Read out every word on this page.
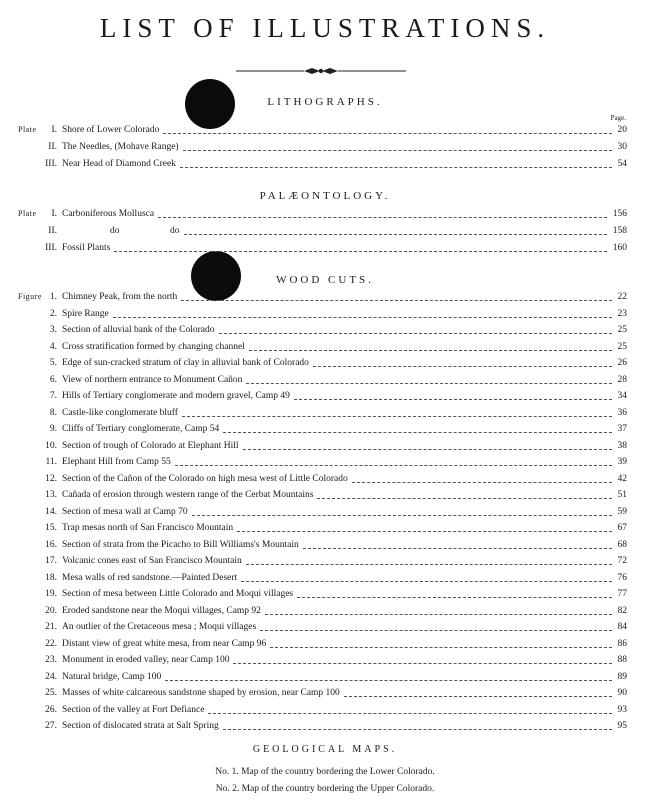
LIST OF ILLUSTRATIONS.
LITHOGRAPHS.
Page.
Plate I. Shore of Lower Colorado	20
II. The Needles, (Mohave Range)	30
III. Near Head of Diamond Creek	54
PALÆONTOLOGY.
Plate I. Carboniferous Mollusca	156
II.	do	do	158
III. Fossil Plants	160
WOOD CUTS.
Figure 1. Chimney Peak, from the north	22
2. Spire Range	23
3. Section of alluvial bank of the Colorado	25
4. Cross stratification formed by changing channel	25
5. Edge of sun-cracked stratum of clay in alluvial bank of Colorado	26
6. View of northern entrance to Monument Cañon	28
7. Hills of Tertiary conglomerate and modern gravel, Camp 49	34
8. Castle-like conglomerate bluff	36
9. Cliffs of Tertiary conglomerate, Camp 54	37
10. Section of trough of Colorado at Elephant Hill	38
11. Elephant Hill from Camp 55	39
12. Section of the Cañon of the Colorado on high mesa west of Little Colorado	42
13. Cañada of erosion through western range of the Cerbat Mountains	51
14. Section of mesa wall at Camp 70	59
15. Trap mesas north of San Francisco Mountain	67
16. Section of strata from the Picacho to Bill Williams's Mountain	68
17. Volcanic cones east of San Francisco Mountain	72
18. Mesa walls of red sandstone.—Painted Desert	76
19. Section of mesa between Little Colorado and Moqui villages	77
20. Eroded sandstone near the Moqui villages, Camp 92	82
21. An outlier of the Cretaceous mesa ; Moqui villages	84
22. Distant view of great white mesa, from near Camp 96	86
23. Monument in eroded valley, near Camp 100	88
24. Natural bridge, Camp 100	89
25. Masses of white calcareous sandstone shaped by erosion, near Camp 100	90
26. Section of the valley at Fort Defiance	93
27. Section of dislocated strata at Salt Spring	95
GEOLOGICAL MAPS.
No. 1. Map of the country bordering the Lower Colorado.
No. 2. Map of the country bordering the Upper Colorado.
